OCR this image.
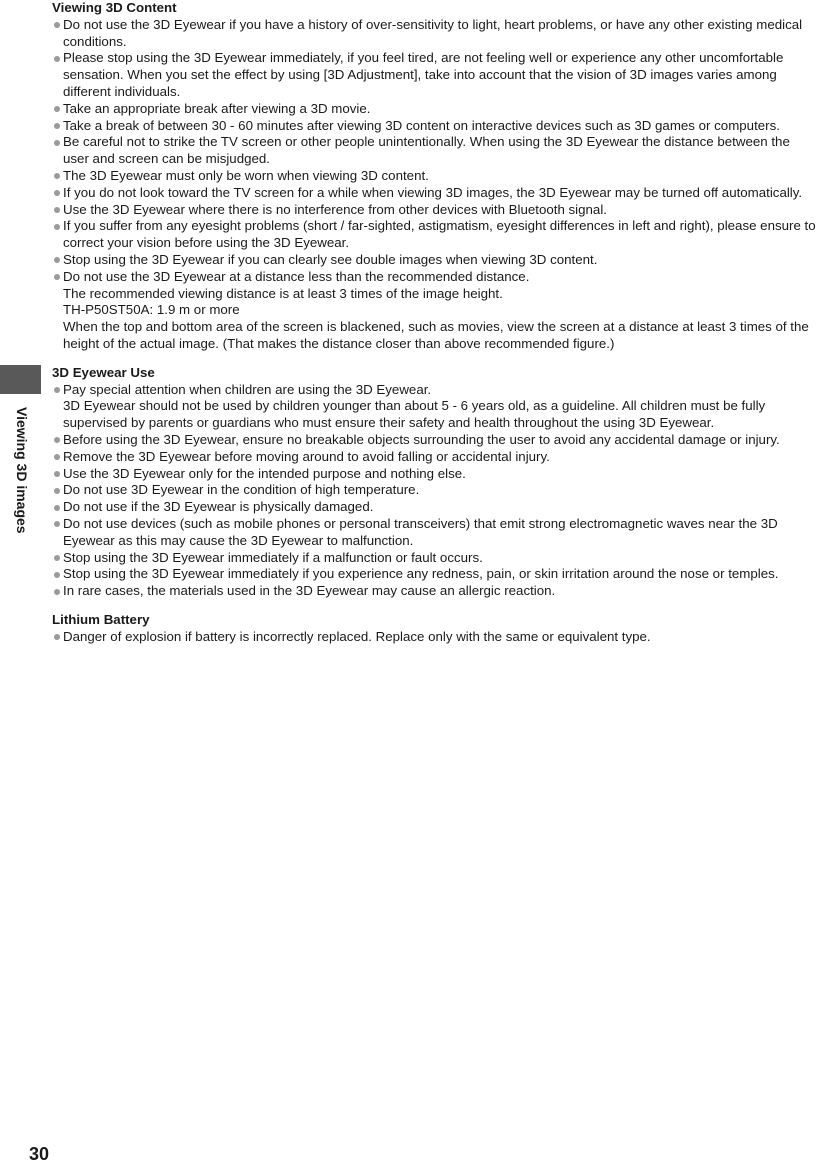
Viewing 3D images
Viewing 3D Content
Do not use the 3D Eyewear if you have a history of over-sensitivity to light, heart problems, or have any other existing medical conditions.
Please stop using the 3D Eyewear immediately, if you feel tired, are not feeling well or experience any other uncomfortable sensation. When you set the effect by using [3D Adjustment], take into account that the vision of 3D images varies among different individuals.
Take an appropriate break after viewing a 3D movie.
Take a break of between 30 - 60 minutes after viewing 3D content on interactive devices such as 3D games or computers.
Be careful not to strike the TV screen or other people unintentionally. When using the 3D Eyewear the distance between the user and screen can be misjudged.
The 3D Eyewear must only be worn when viewing 3D content.
If you do not look toward the TV screen for a while when viewing 3D images, the 3D Eyewear may be turned off automatically.
Use the 3D Eyewear where there is no interference from other devices with Bluetooth signal.
If you suffer from any eyesight problems (short / far-sighted, astigmatism, eyesight differences in left and right), please ensure to correct your vision before using the 3D Eyewear.
Stop using the 3D Eyewear if you can clearly see double images when viewing 3D content.
Do not use the 3D Eyewear at a distance less than the recommended distance.
The recommended viewing distance is at least 3 times of the image height.
TH-P50ST50A: 1.9 m or more
When the top and bottom area of the screen is blackened, such as movies, view the screen at a distance at least 3 times of the height of the actual image. (That makes the distance closer than above recommended figure.)
3D Eyewear Use
Pay special attention when children are using the 3D Eyewear.
3D Eyewear should not be used by children younger than about 5 - 6 years old, as a guideline. All children must be fully supervised by parents or guardians who must ensure their safety and health throughout the using 3D Eyewear.
Before using the 3D Eyewear, ensure no breakable objects surrounding the user to avoid any accidental damage or injury.
Remove the 3D Eyewear before moving around to avoid falling or accidental injury.
Use the 3D Eyewear only for the intended purpose and nothing else.
Do not use 3D Eyewear in the condition of high temperature.
Do not use if the 3D Eyewear is physically damaged.
Do not use devices (such as mobile phones or personal transceivers) that emit strong electromagnetic waves near the 3D Eyewear as this may cause the 3D Eyewear to malfunction.
Stop using the 3D Eyewear immediately if a malfunction or fault occurs.
Stop using the 3D Eyewear immediately if you experience any redness, pain, or skin irritation around the nose or temples.
In rare cases, the materials used in the 3D Eyewear may cause an allergic reaction.
Lithium Battery
Danger of explosion if battery is incorrectly replaced. Replace only with the same or equivalent type.
30
